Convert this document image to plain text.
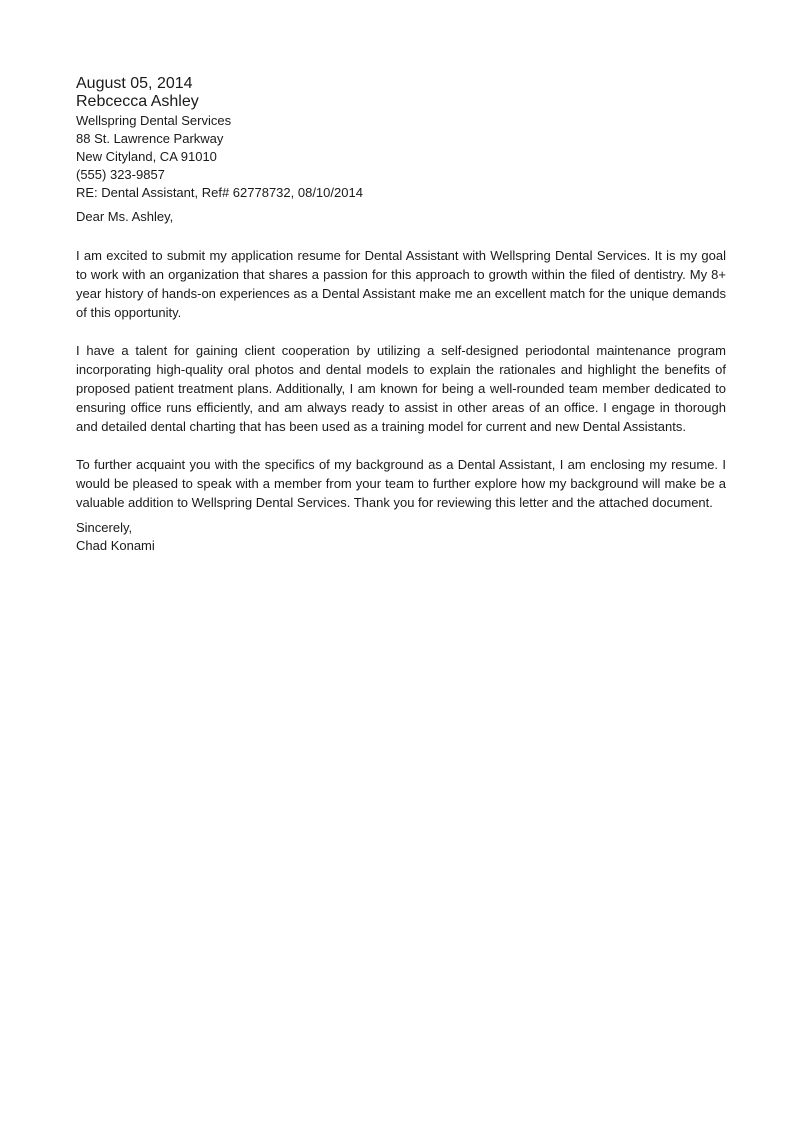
August 05, 2014

Rebcecca Ashley

Wellspring Dental Services

88 St. Lawrence Parkway

New Cityland, CA 91010

(555) 323-9857

RE: Dental Assistant, Ref# 62778732, 08/10/2014

Dear Ms. Ashley,

I am excited to submit my application resume for Dental Assistant with Wellspring Dental Services. It is my goal to work with an organization that shares a passion for this approach to growth within the filed of dentistry. My 8+ year history of hands-on experiences as a Dental Assistant make me an excellent match for the unique demands of this opportunity.

I have a talent for gaining client cooperation by utilizing a self-designed periodontal maintenance program incorporating high-quality oral photos and dental models to explain the rationales and highlight the benefits of proposed patient treatment plans. Additionally, I am known for being a well-rounded team member dedicated to ensuring office runs efficiently, and am always ready to assist in other areas of an office. I engage in thorough and detailed dental charting that has been used as a training model for current and new Dental Assistants.

To further acquaint you with the specifics of my background as a Dental Assistant, I am enclosing my resume. I would be pleased to speak with a member from your team to further explore how my background will make be a valuable addition to Wellspring Dental Services. Thank you for reviewing this letter and the attached document.

Sincerely,

Chad Konami
